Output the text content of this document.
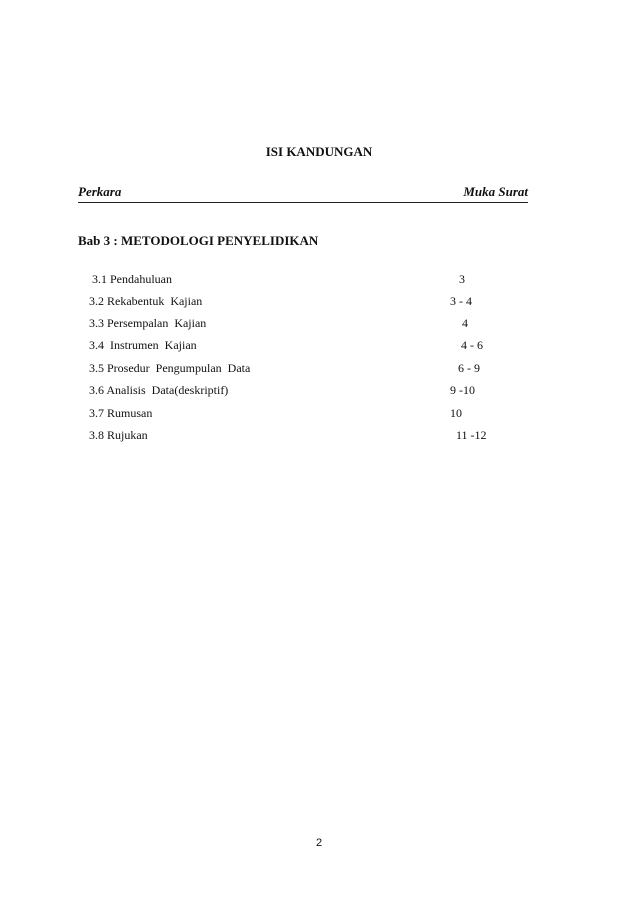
ISI KANDUNGAN
Perkara	Muka Surat
Bab 3 : METODOLOGI PENYELIDIKAN
3.1 Pendahuluan	3
3.2 Rekabentuk  Kajian	3 - 4
3.3 Persempalan  Kajian	4
3.4  Instrumen  Kajian	4 - 6
3.5 Prosedur  Pengumpulan  Data	6 - 9
3.6 Analisis  Data(deskriptif)	9 -10
3.7 Rumusan	10
3.8 Rujukan	11 -12
2
